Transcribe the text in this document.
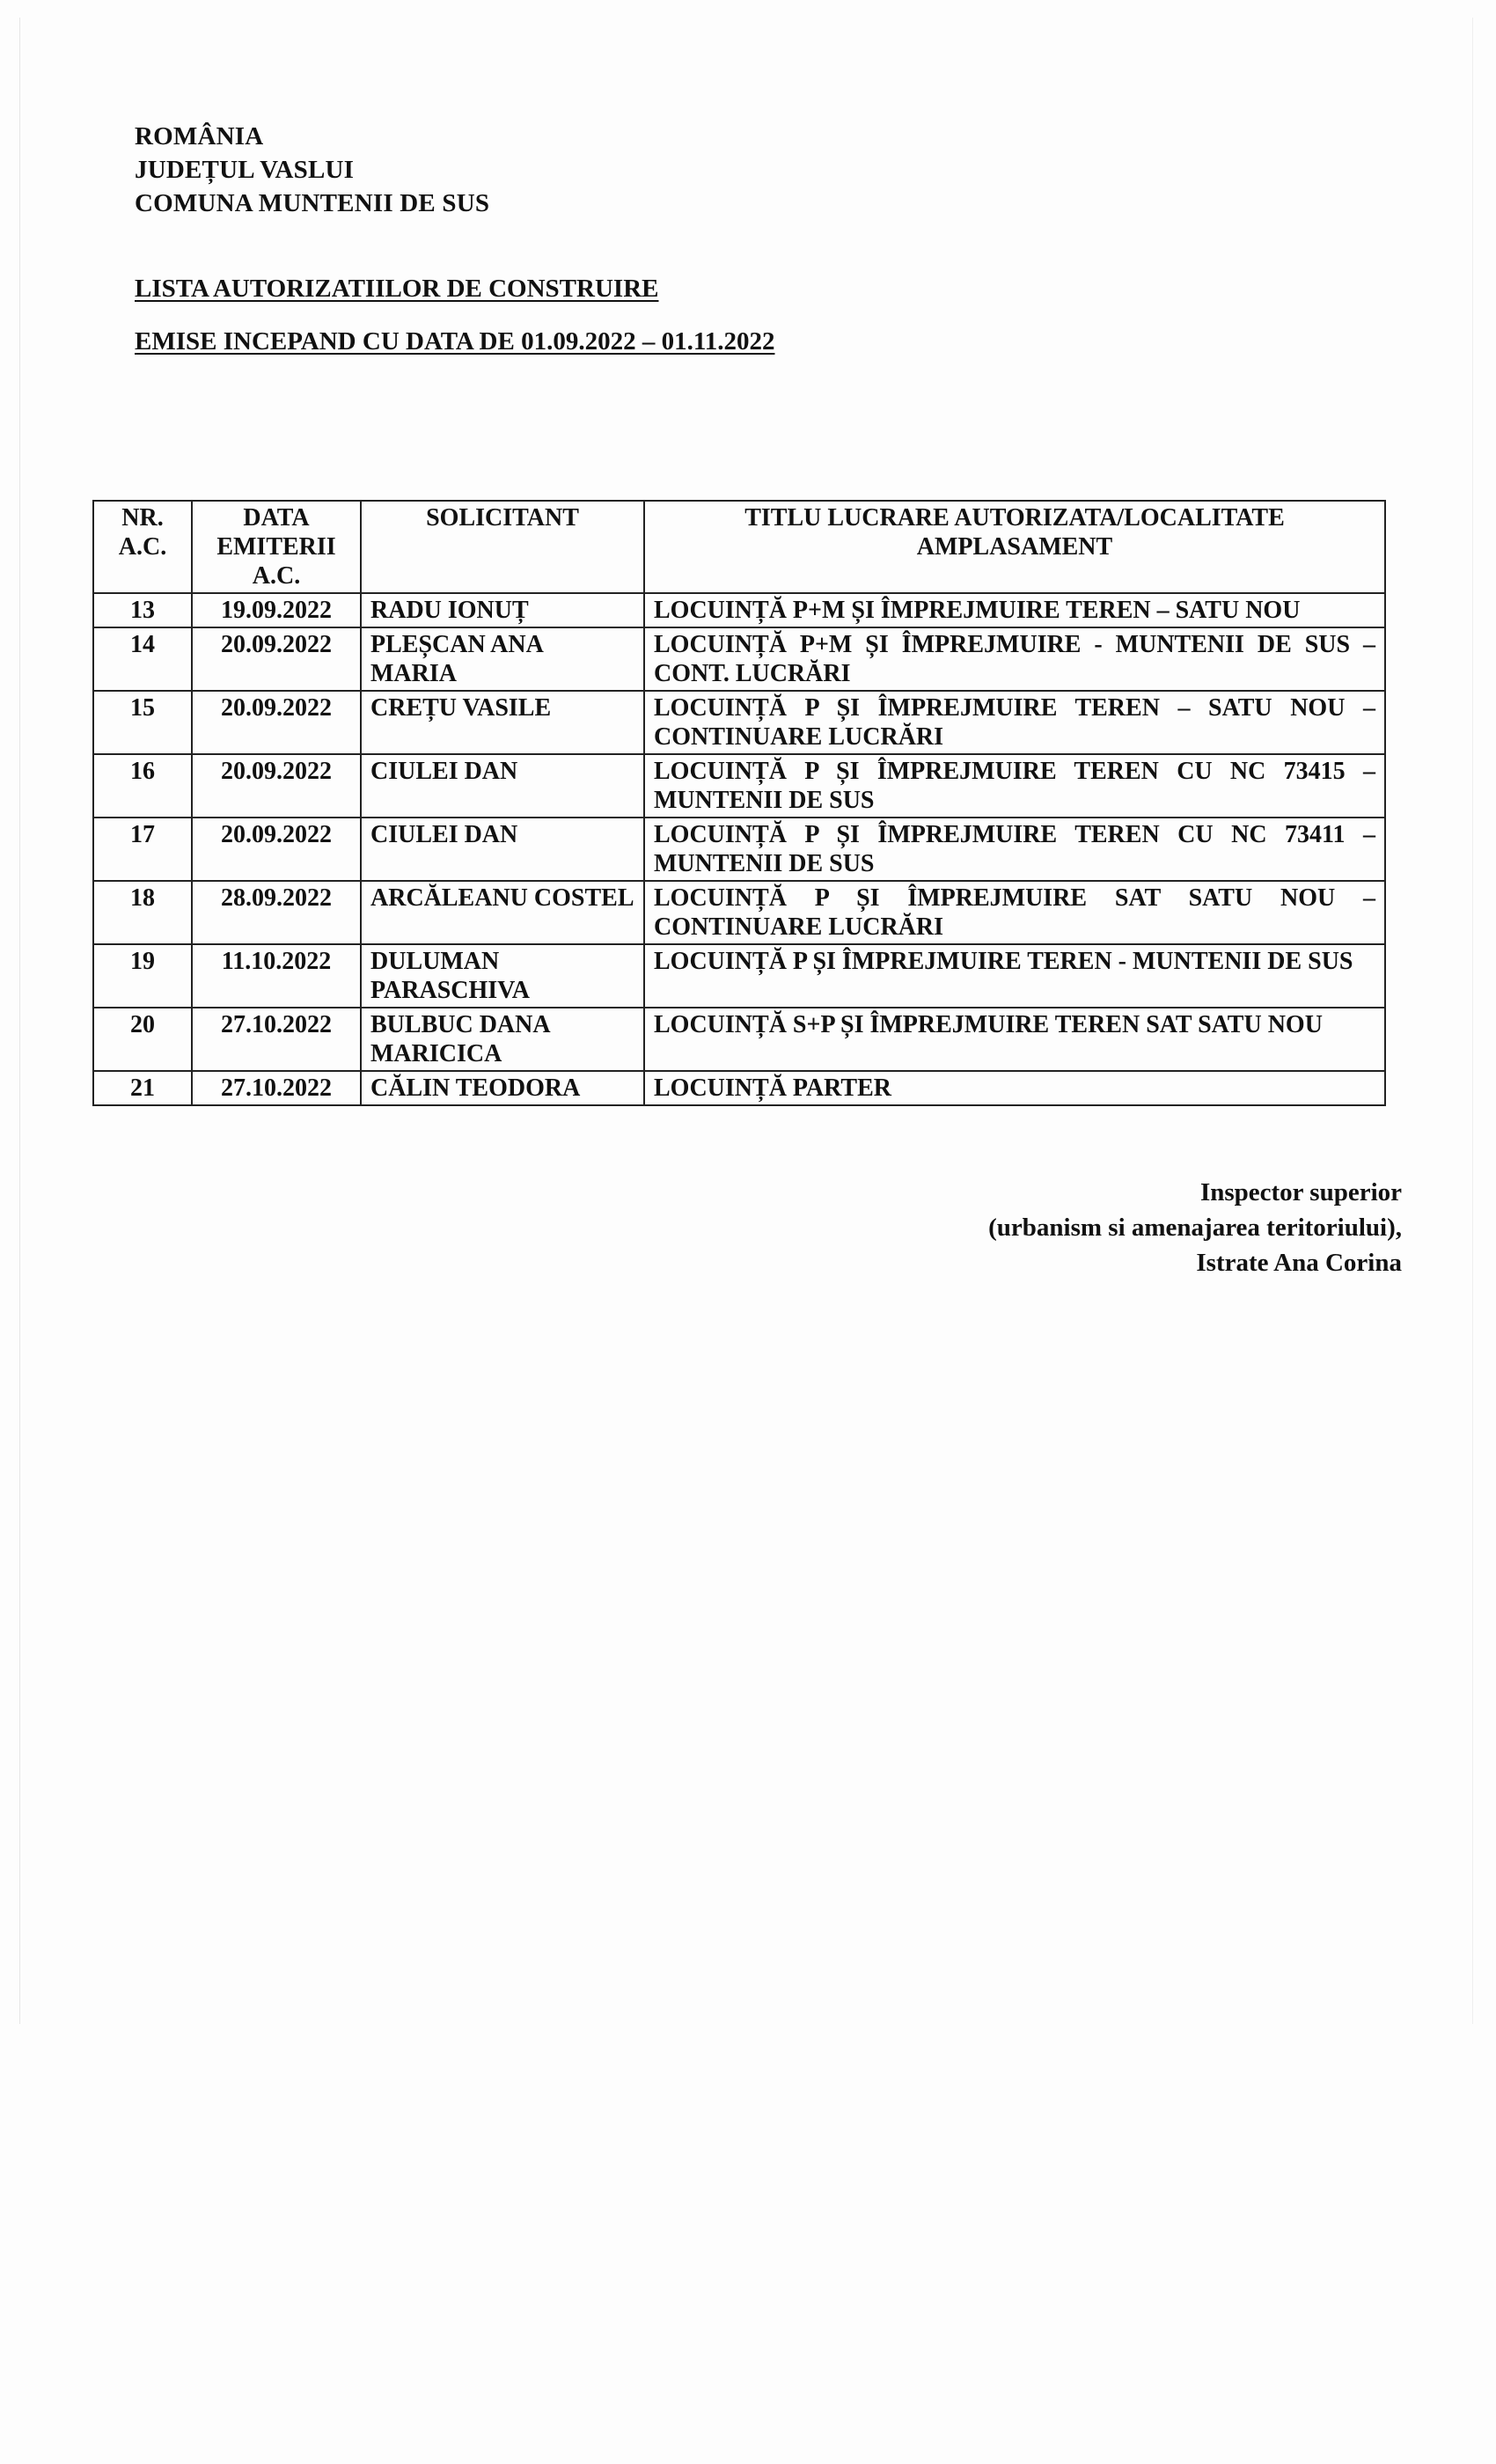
ROMÂNIA
JUDEȚUL VASLUI
COMUNA MUNTENII DE SUS
LISTA AUTORIZATIILOR DE CONSTRUIRE
EMISE INCEPAND CU DATA DE 01.09.2022 – 01.11.2022
NR. A.C.	DATA EMITERII A.C.	SOLICITANT	TITLU LUCRARE AUTORIZATA/LOCALITATE AMPLASAMENT
13	19.09.2022	RADU IONUȚ	LOCUINȚĂ P+M ȘI ÎMPREJMUIRE TEREN – SATU NOU
14	20.09.2022	PLEȘCAN ANA MARIA	LOCUINȚĂ P+M ȘI ÎMPREJMUIRE - MUNTENII DE SUS – CONT. LUCRĂRI
15	20.09.2022	CREȚU VASILE	LOCUINȚĂ P ȘI ÎMPREJMUIRE TEREN – SATU NOU – CONTINUARE LUCRĂRI
16	20.09.2022	CIULEI DAN	LOCUINȚĂ P ȘI ÎMPREJMUIRE TEREN CU NC 73415 – MUNTENII DE SUS
17	20.09.2022	CIULEI DAN	LOCUINȚĂ P ȘI ÎMPREJMUIRE TEREN CU NC 73411 – MUNTENII DE SUS
18	28.09.2022	ARCĂLEANU COSTEL	LOCUINȚĂ P ȘI ÎMPREJMUIRE SAT SATU NOU – CONTINUARE LUCRĂRI
19	11.10.2022	DULUMAN PARASCHIVA	LOCUINȚĂ P ȘI ÎMPREJMUIRE TEREN - MUNTENII DE SUS
20	27.10.2022	BULBUC DANA MARICICA	LOCUINȚĂ S+P ȘI ÎMPREJMUIRE TEREN SAT SATU NOU
21	27.10.2022	CĂLIN TEODORA	LOCUINȚĂ PARTER
Inspector superior
(urbanism si amenajarea teritoriului),
Istrate Ana Corina
